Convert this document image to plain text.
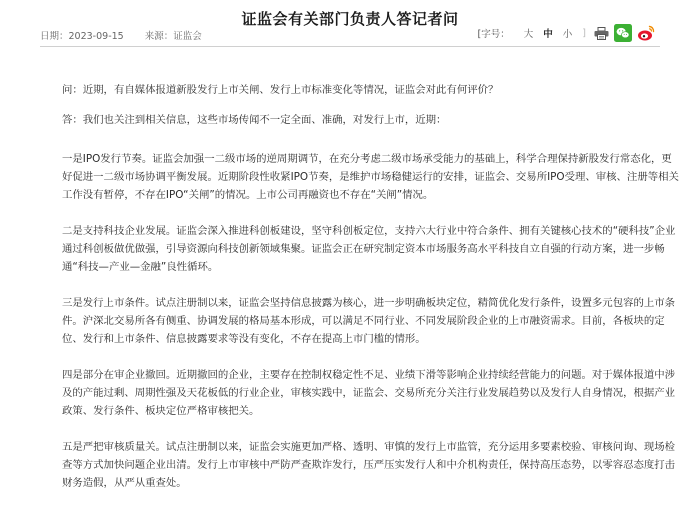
证监会有关部门负责人答记者问
日期：2023-09-15 来源：证监会	[字号： 大 中 小 ]

问：近期，有自媒体报道新股发行上市关闸、发行上市标准变化等情况，证监会对此有何评价？

答：我们也关注到相关信息，这些市场传闻不一定全面、准确，对发行上市，近期：

一是IPO发行节奏。证监会加强一二级市场的逆周期调节，在充分考虑二级市场承受能力的基础上，科学合理保持新股发行常态化，更好促进一二级市场协调平衡发展。近期阶段性收紧IPO节奏，是维护市场稳健运行的安排，证监会、交易所IPO受理、审核、注册等相关工作没有暂停，不存在IPO“关闸”的情况。上市公司再融资也不存在“关闸”情况。

二是支持科技企业发展。证监会深入推进科创板建设，坚守科创板定位，支持六大行业中符合条件、拥有关键核心技术的“硬科技”企业通过科创板做优做强，引导资源向科技创新领域集聚。证监会正在研究制定资本市场服务高水平科技自立自强的行动方案，进一步畅通“科技—产业—金融”良性循环。

三是发行上市条件。试点注册制以来，证监会坚持信息披露为核心，进一步明确板块定位，精简优化发行条件，设置多元包容的上市条件。沪深北交易所各有侧重、协调发展的格局基本形成，可以满足不同行业、不同发展阶段企业的上市融资需求。目前，各板块的定位、发行和上市条件、信息披露要求等没有变化，不存在提高上市门槛的情形。

四是部分在审企业撤回。近期撤回的企业，主要存在控制权稳定性不足、业绩下滑等影响企业持续经营能力的问题。对于媒体报道中涉及的产能过剩、周期性强及天花板低的行业企业，审核实践中，证监会、交易所充分关注行业发展趋势以及发行人自身情况，根据产业政策、发行条件、板块定位严格审核把关。

五是严把审核质量关。试点注册制以来，证监会实施更加严格、透明、审慎的发行上市监管，充分运用多要素校验、审核问询、现场检查等方式加快问题企业出清。发行上市审核中严防严查欺诈发行，压严压实发行人和中介机构责任，保持高压态势，以零容忍态度打击财务造假，从严从重查处。
